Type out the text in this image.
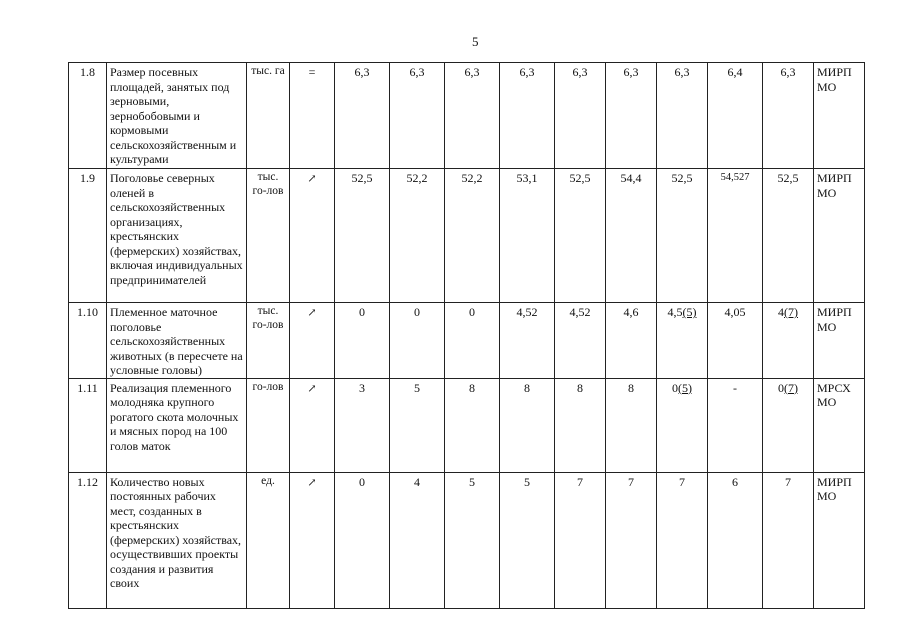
5
1.8	Размер посевных площадей, занятых под зерновыми, зернобобовыми и кормовыми сельскохозяйственным и культурами	тыс. га	=	6,3	6,3	6,3	6,3	6,3	6,3	6,3	6,4	6,3	МИРП МО
1.9	Поголовье северных оленей в сельскохозяйственных организациях, крестьянских (фермерских) хозяйствах, включая индивидуальных предпринимателей	тыс. го-лов	↗	52,5	52,2	52,2	53,1	52,5	54,4	52,5	54,527	52,5	МИРП МО
1.10	Племенное маточное поголовье сельскохозяйственных животных (в пересчете на условные головы)	тыс. го-лов	↗	0	0	0	4,52	4,52	4,6	4,5(5)	4,05	4(7)	МИРП МО
1.11	Реализация племенного молодняка крупного рогатого скота молочных и мясных пород на 100 голов маток	го-лов	↗	3	5	8	8	8	8	0(5)	-	0(7)	МРСХ МО
1.12	Количество новых постоянных рабочих мест, созданных в крестьянских (фермерских) хозяйствах, осуществивших проекты создания и развития своих	ед.	↗	0	4	5	5	7	7	7	6	7	МИРП МО
